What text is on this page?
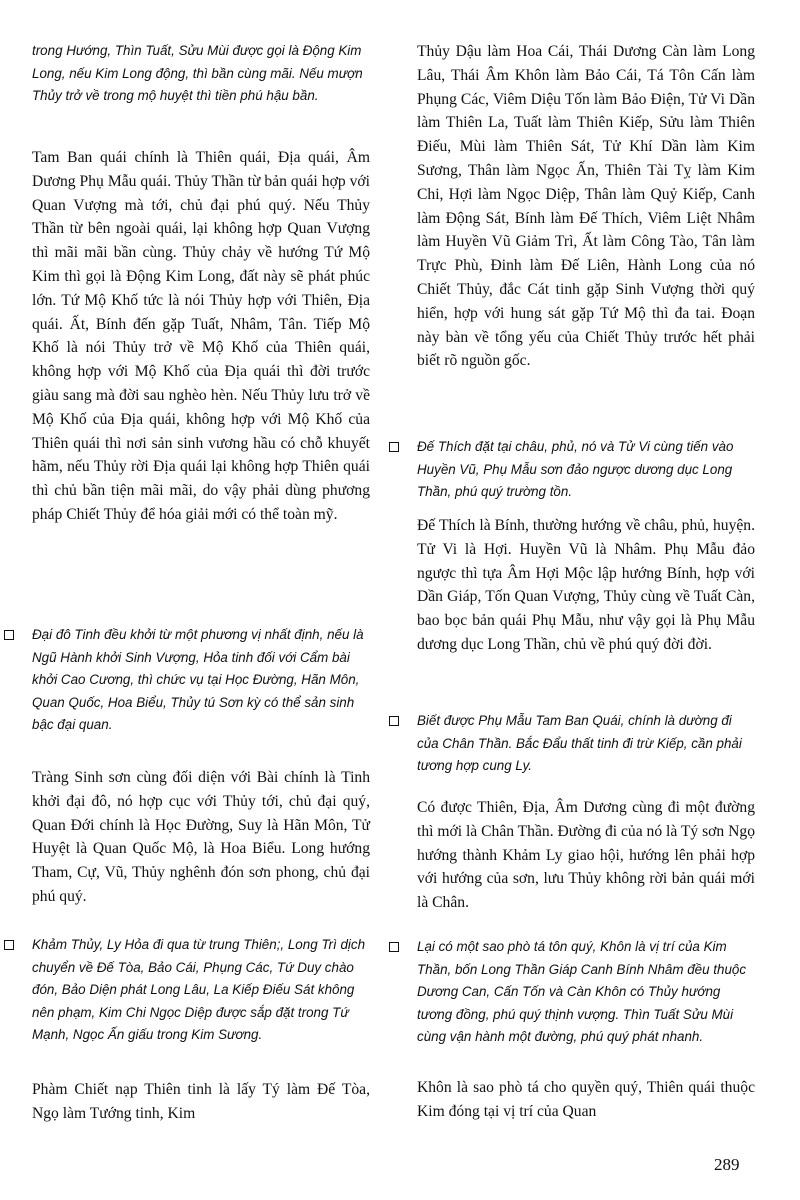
trong Hướng, Thìn Tuất, Sửu Mùi được gọi là Động Kim Long, nếu Kim Long động, thì bần cùng mãi. Nếu mượn Thủy trở về trong mộ huyệt thì tiền phú hậu bần.

Tam Ban quái chính là Thiên quái, Địa quái, Âm Dương Phụ Mẫu quái. Thủy Thần từ bản quái hợp với Quan Vượng mà tới, chủ đại phú quý. Nếu Thủy Thần từ bên ngoài quái, lại không hợp Quan Vượng thì mãi mãi bần cùng. Thủy chảy về hướng Tứ Mộ Kim thì gọi là Động Kim Long, đất này sẽ phát phúc lớn. Tứ Mộ Khố tức là nói Thủy hợp với Thiên, Địa quái. Ất, Bính đến gặp Tuất, Nhâm, Tân. Tiếp Mộ Khố là nói Thủy trở về Mộ Khố của Thiên quái, không hợp với Mộ Khố của Địa quái thì đời trước giàu sang mà đời sau nghèo hèn. Nếu Thủy lưu trở về Mộ Khố của Địa quái, không hợp với Mộ Khố của Thiên quái thì nơi sản sinh vương hầu có chỗ khuyết hãm, nếu Thủy rời Địa quái lại không hợp Thiên quái thì chủ bần tiện mãi mãi, do vậy phải dùng phương pháp Chiết Thủy để hóa giải mới có thể toàn mỹ.

Đại đô Tinh đều khởi từ một phương vị nhất định, nếu là Ngũ Hành khởi Sinh Vượng, Hỏa tinh đối với Cẩm bài khởi Cao Cương, thì chức vụ tại Học Đường, Hãn Môn, Quan Quốc, Hoa Biểu, Thủy tú Sơn kỳ có thể sản sinh bậc đại quan.

Tràng Sinh sơn cùng đối diện với Bài chính là Tinh khởi đại đô, nó hợp cục với Thủy tới, chủ đại quý, Quan Đới chính là Học Đường, Suy là Hãn Môn, Tử Huyệt là Quan Quốc Mộ, là Hoa Biểu. Long hướng Tham, Cự, Vũ, Thủy nghênh đón sơn phong, chủ đại phú quý.

Khảm Thủy, Ly Hỏa đi qua từ trung Thiên;, Long Trì dịch chuyển về Đế Tòa, Bảo Cái, Phụng Các, Tứ Duy chào đón, Bảo Diện phát Long Lâu, La Kiếp Điếu Sát không nên phạm, Kim Chi Ngọc Diệp được sắp đặt trong Tứ Mạnh, Ngọc Ấn giấu trong Kim Sương.

Phàm Chiết nạp Thiên tinh là lấy Tý làm Đế Tòa, Ngọ làm Tướng tinh, Kim

Thủy Dậu làm Hoa Cái, Thái Dương Càn làm Long Lâu, Thái Âm Khôn làm Bảo Cái, Tá Tôn Cấn làm Phụng Các, Viêm Diệu Tốn làm Bảo Điện, Tử Vi Dần làm Thiên La, Tuất làm Thiên Kiếp, Sửu làm Thiên Điếu, Mùi làm Thiên Sát, Tử Khí Dần làm Kim Sương, Thân làm Ngọc Ấn, Thiên Tài Tỵ làm Kim Chi, Hợi làm Ngọc Diệp, Thân làm Quỷ Kiếp, Canh làm Động Sát, Bính làm Đế Thích, Viêm Liệt Nhâm làm Huyền Vũ Giảm Trì, Ất làm Công Tào, Tân làm Trực Phù, Đinh làm Đế Liên, Hành Long của nó Chiết Thủy, đắc Cát tinh gặp Sinh Vượng thời quý hiển, hợp với hung sát gặp Tứ Mộ thì đa tai. Đoạn này bàn về tổng yếu của Chiết Thủy trước hết phải biết rõ nguồn gốc.

Đế Thích đặt tại châu, phủ, nó và Tử Vi cùng tiến vào Huyền Vũ, Phụ Mẫu sơn đảo ngược dương dục Long Thần, phú quý trường tồn.

Đế Thích là Bính, thường hướng về châu, phủ, huyện. Tử Vi là Hợi. Huyền Vũ là Nhâm. Phụ Mẫu đảo ngược thì tựa Âm Hợi Mộc lập hướng Bính, hợp với Dần Giáp, Tốn Quan Vượng, Thủy cùng về Tuất Càn, bao bọc bản quái Phụ Mẫu, như vậy gọi là Phụ Mẫu dương dục Long Thần, chủ về phú quý đời đời.

Biết được Phụ Mẫu Tam Ban Quái, chính là dường đi của Chân Thần. Bắc Đẩu thất tinh đi trừ Kiếp, cần phải tương hợp cung Ly.

Có được Thiên, Địa, Âm Dương cùng đi một đường thì mới là Chân Thần. Đường đi của nó là Tý sơn Ngọ hướng thành Khảm Ly giao hội, hướng lên phải hợp với hướng của sơn, lưu Thủy không rời bản quái mới là Chân.

Lại có một sao phò tá tôn quý, Khôn là vị trí của Kim Thần, bốn Long Thần Giáp Canh Bính Nhâm đều thuộc Dương Can, Cấn Tốn và Càn Khôn có Thủy hướng tương đồng, phú quý thịnh vượng. Thìn Tuất Sửu Mùi cùng vận hành một đường, phú quý phát nhanh.

Khôn là sao phò tá cho quyền quý, Thiên quái thuộc Kim đóng tại vị trí của Quan

289
